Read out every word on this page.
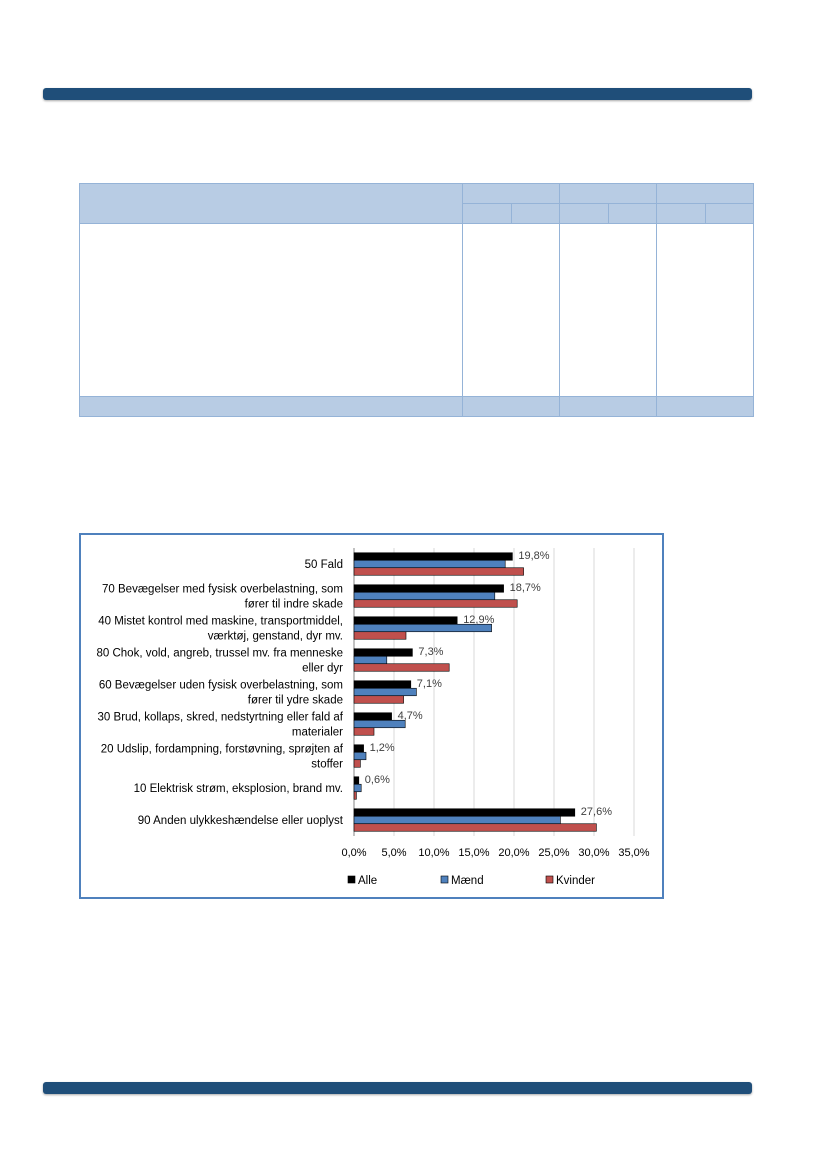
19,8%
18,7%
12,9%
7,3%
7,1%
4,7%
1,2%
0,6%
27,6%
0,0% 5,0% 10,0% 15,0% 20,0% 25,0% 30,0% 35,0%
50 Fald
70 Bevægelser med fysisk overbelastning, som
fører til indre skade
40 Mistet kontrol med maskine, transportmiddel,
værktøj, genstand, dyr mv.
80 Chok, vold, angreb, trussel mv. fra menneske
eller dyr
60 Bevægelser uden fysisk overbelastning, som
fører til ydre skade
30 Brud, kollaps, skred, nedstyrtning eller fald af
materialer
20 Udslip, fordampning, forstøvning, sprøjten af
stoffer
10 Elektrisk strøm, eksplosion, brand mv.
90 Anden ulykkeshændelse eller uoplyst
Alle	Mænd	Kvinder
